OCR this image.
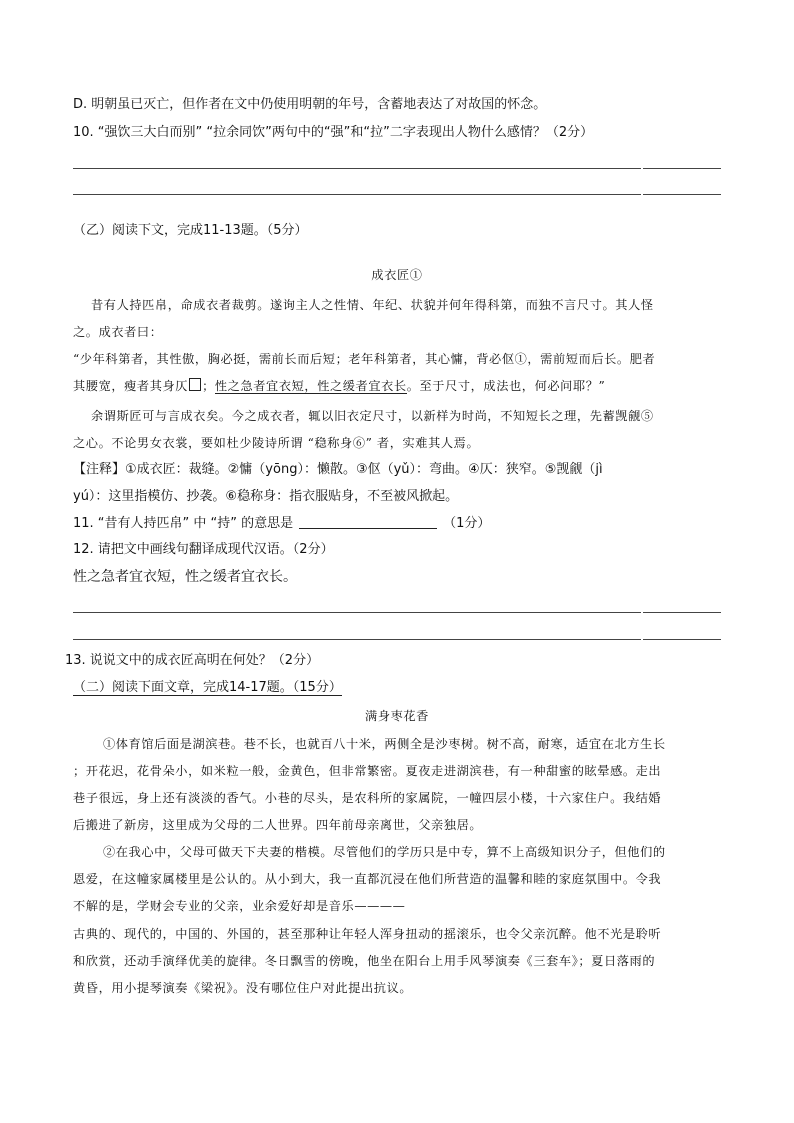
D. 明朝虽已灭亡，但作者在文中仍使用明朝的年号，含蓄地表达了对故国的怀念。
10. “强饮三大白而别” “拉余同饮”两句中的“强”和“拉”二字表现出人物什么感情？（2分）
（乙）阅读下文，完成11-13题。（5分）
成衣匠①
昔有人持匹帛，命成衣者裁剪。遂询主人之性情、年纪、状貌并何年得科第，而独不言尺寸。其人怪
之。成衣者曰：
“少年科第者，其性傲，胸必挺，需前长而后短；老年科第者，其心慵，背必伛①，需前短而后长。肥者
其腰宽，瘦者其身仄 ；性之急者宜衣短，性之缓者宜衣长。至于尺寸，成法也，何必问耶？”
余谓斯匠可与言成衣矣。今之成衣者，辄以旧衣定尺寸，以新样为时尚，不知短长之理，先蓄觊觎⑤
之心。不论男女衣裳，要如杜少陵诗所谓 “稳称身⑥” 者，实难其人焉。
【注释】①成衣匠：裁缝。②慵（yōng）：懒散。③伛（yǔ）：弯曲。④仄：狭窄。⑤觊觎（jì
yú）：这里指模仿、抄袭。⑥稳称身：指衣服贴身，不至被风掀起。
11. “昔有人持匹帛” 中 “持” 的意思是	（1分）
12. 请把文中画线句翻译成现代汉语。（2分）
性之急者宜衣短，性之缓者宜衣长。
13. 说说文中的成衣匠高明在何处？（2分）
（二）阅读下面文章，完成14-17题。（15分）
满身枣花香
①体育馆后面是湖滨巷。巷不长，也就百八十米，两侧全是沙枣树。树不高，耐寒，适宜在北方生长
；开花迟，花骨朵小，如米粒一般，金黄色，但非常繁密。夏夜走进湖滨巷，有一种甜蜜的眩晕感。走出
巷子很远，身上还有淡淡的香气。小巷的尽头，是农科所的家属院，一幢四层小楼，十六家住户。我结婚
后搬进了新房，这里成为父母的二人世界。四年前母亲离世，父亲独居。
②在我心中，父母可做天下夫妻的楷模。尽管他们的学历只是中专，算不上高级知识分子，但他们的
恩爱，在这幢家属楼里是公认的。从小到大，我一直都沉浸在他们所营造的温馨和睦的家庭氛围中。令我
不解的是，学财会专业的父亲，业余爱好却是音乐————
古典的、现代的，中国的、外国的，甚至那种让年轻人浑身扭动的摇滚乐，也令父亲沉醉。他不光是聆听
和欣赏，还动手演绎优美的旋律。冬日飘雪的傍晚，他坐在阳台上用手风琴演奏《三套车》；夏日落雨的
黄昏，用小提琴演奏《梁祝》。没有哪位住户对此提出抗议。
